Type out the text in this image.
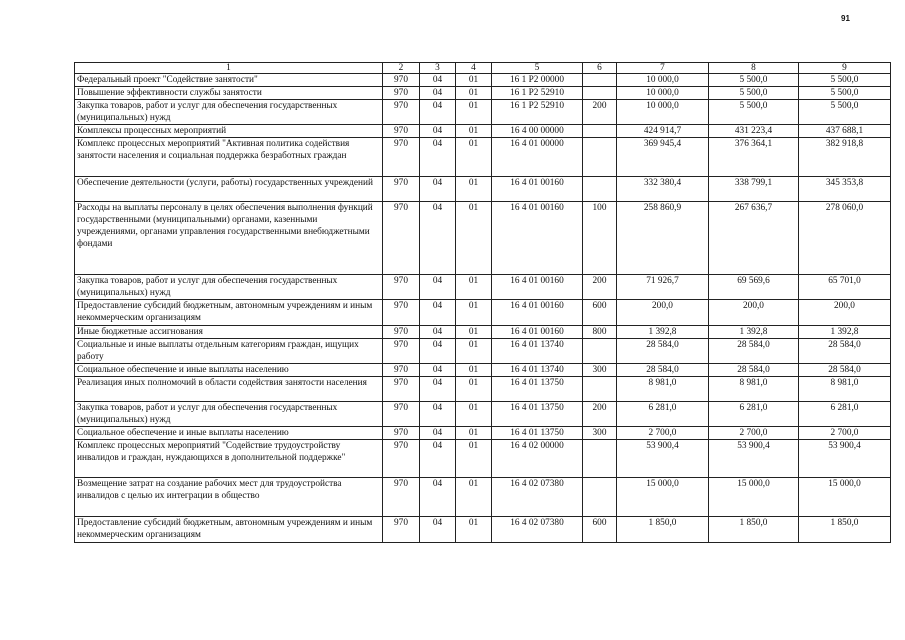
91
1	2	3	4	5	6	7	8	9
Федеральный проект "Содействие занятости"	970	04	01	16 1 P2 00000		10 000,0	5 500,0	5 500,0
Повышение эффективности службы занятости	970	04	01	16 1 P2 52910		10 000,0	5 500,0	5 500,0
Закупка товаров, работ и услуг для обеспечения государственных (муниципальных) нужд	970	04	01	16 1 P2 52910	200	10 000,0	5 500,0	5 500,0
Комплексы процессных мероприятий	970	04	01	16 4 00 00000		424 914,7	431 223,4	437 688,1
Комплекс процессных мероприятий "Активная политика содействия занятости населения и социальная поддержка безработных граждан	970	04	01	16 4 01 00000		369 945,4	376 364,1	382 918,8
Обеспечение деятельности (услуги, работы) государственных учреждений	970	04	01	16 4 01 00160		332 380,4	338 799,1	345 353,8
Расходы на выплаты персоналу в целях обеспечения выполнения функций государственными (муниципальными) органами, казенными учреждениями, органами управления государственными внебюджетными фондами	970	04	01	16 4 01 00160	100	258 860,9	267 636,7	278 060,0
Закупка товаров, работ и услуг для обеспечения государственных (муниципальных) нужд	970	04	01	16 4 01 00160	200	71 926,7	69 569,6	65 701,0
Предоставление субсидий бюджетным, автономным учреждениям и иным некоммерческим организациям	970	04	01	16 4 01 00160	600	200,0	200,0	200,0
Иные бюджетные ассигнования	970	04	01	16 4 01 00160	800	1 392,8	1 392,8	1 392,8
Социальные и иные выплаты отдельным категориям граждан, ищущих работу	970	04	01	16 4 01 13740		28 584,0	28 584,0	28 584,0
Социальное обеспечение и иные выплаты населению	970	04	01	16 4 01 13740	300	28 584,0	28 584,0	28 584,0
Реализация иных полномочий в области содействия занятости населения	970	04	01	16 4 01 13750		8 981,0	8 981,0	8 981,0
Закупка товаров, работ и услуг для обеспечения государственных (муниципальных) нужд	970	04	01	16 4 01 13750	200	6 281,0	6 281,0	6 281,0
Социальное обеспечение и иные выплаты населению	970	04	01	16 4 01 13750	300	2 700,0	2 700,0	2 700,0
Комплекс процессных мероприятий "Содействие трудоустройству инвалидов и граждан, нуждающихся в дополнительной поддержке"	970	04	01	16 4 02 00000		53 900,4	53 900,4	53 900,4
Возмещение затрат на создание рабочих мест для трудоустройства инвалидов с целью их интеграции в общество	970	04	01	16 4 02 07380		15 000,0	15 000,0	15 000,0
Предоставление субсидий бюджетным, автономным учреждениям и иным некоммерческим организациям	970	04	01	16 4 02 07380	600	1 850,0	1 850,0	1 850,0
